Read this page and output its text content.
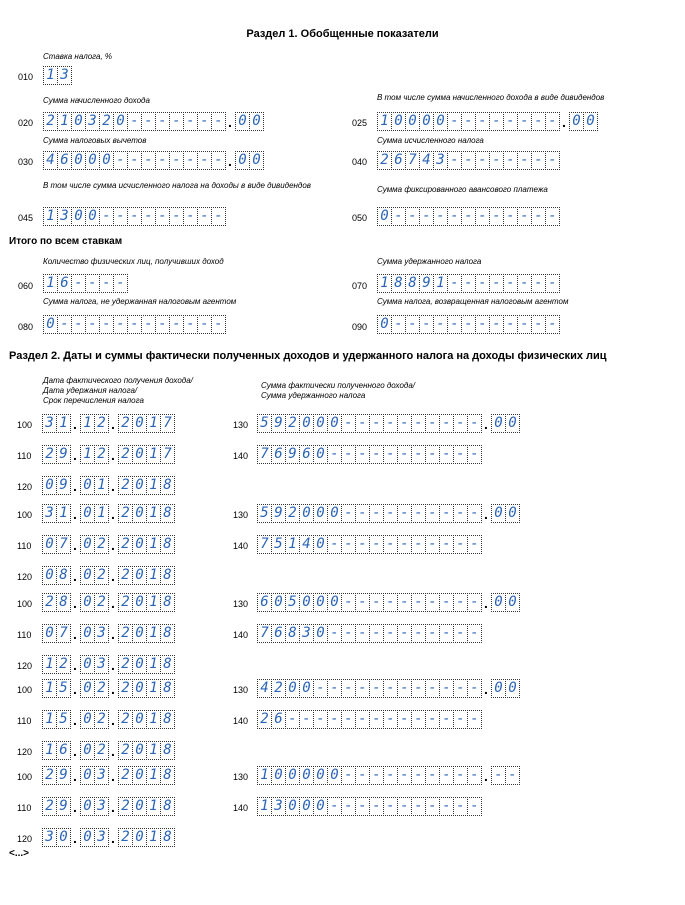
Раздел 1. Обобщенные показатели
Раздел 2. Даты и суммы фактически полученных доходов и удержанного налога на доходы физических лиц
Итого по всем ставкам
Дата фактического получения дохода/
Дата удержания налога/
Срок перечисления налога
Сумма фактически полученного дохода/
Сумма удержанного налога
010
Ставка налога, %
1 3
020
Сумма начисленного дохода
2 1 0 3 2 0 - - - - - - - . 0 0	025
В том числе сумма начисленного дохода в виде дивидендов
1 0 0 0 0 - - - - - - - - . 0 0
030
Сумма налоговых вычетов
4 6 0 0 0 - - - - - - - - . 0 0	040
Сумма исчисленного налога
2 6 7 4 3 - - - - - - - -
045
В том числе сумма исчисленного налога на доходы в виде дивидендов
1 3 0 0 - - - - - - - - -	050
Сумма фиксированного авансового платежа
0 - - - - - - - - - - - -
060
Количество физических лиц, получивших доход
1 6 - - - -	070
Сумма удержанного налога
1 8 8 9 1 - - - - - - - -
080
Сумма налога, не удержанная налоговым агентом
0 - - - - - - - - - - - -	090
Сумма налога, возвращенная налоговым агентом
0 - - - - - - - - - - - -
100 3 1 . 1 2 . 2 0 1 7
110 2 9 . 1 2 . 2 0 1 7
120 0 9 . 0 1 . 2 0 1 8
130 5 9 2 0 0 0 - - - - - - - - - - . 0 0
140 7 6 9 6 0 - - - - - - - - - - -
100 3 1 . 0 1 . 2 0 1 8
110 0 7 . 0 2 . 2 0 1 8
120 0 8 . 0 2 . 2 0 1 8
130 5 9 2 0 0 0 - - - - - - - - - - . 0 0
140 7 5 1 4 0 - - - - - - - - - - -
100 2 8 . 0 2 . 2 0 1 8
110 0 7 . 0 3 . 2 0 1 8
120 1 2 . 0 3 . 2 0 1 8
130 6 0 5 0 0 0 - - - - - - - - - - . 0 0
140 7 6 8 3 0 - - - - - - - - - - -
100 1 5 . 0 2 . 2 0 1 8
110 1 5 . 0 2 . 2 0 1 8
120 1 6 . 0 2 . 2 0 1 8
130 4 2 0 0 - - - - - - - - - - - - . 0 0
140 2 6 - - - - - - - - - - - - - -
100 2 9 . 0 3 . 2 0 1 8
110 2 9 . 0 3 . 2 0 1 8
120 3 0 . 0 3 . 2 0 1 8
130 1 0 0 0 0 0 - - - - - - - - - - . - -
140 1 3 0 0 0 - - - - - - - - - - -
<...>
